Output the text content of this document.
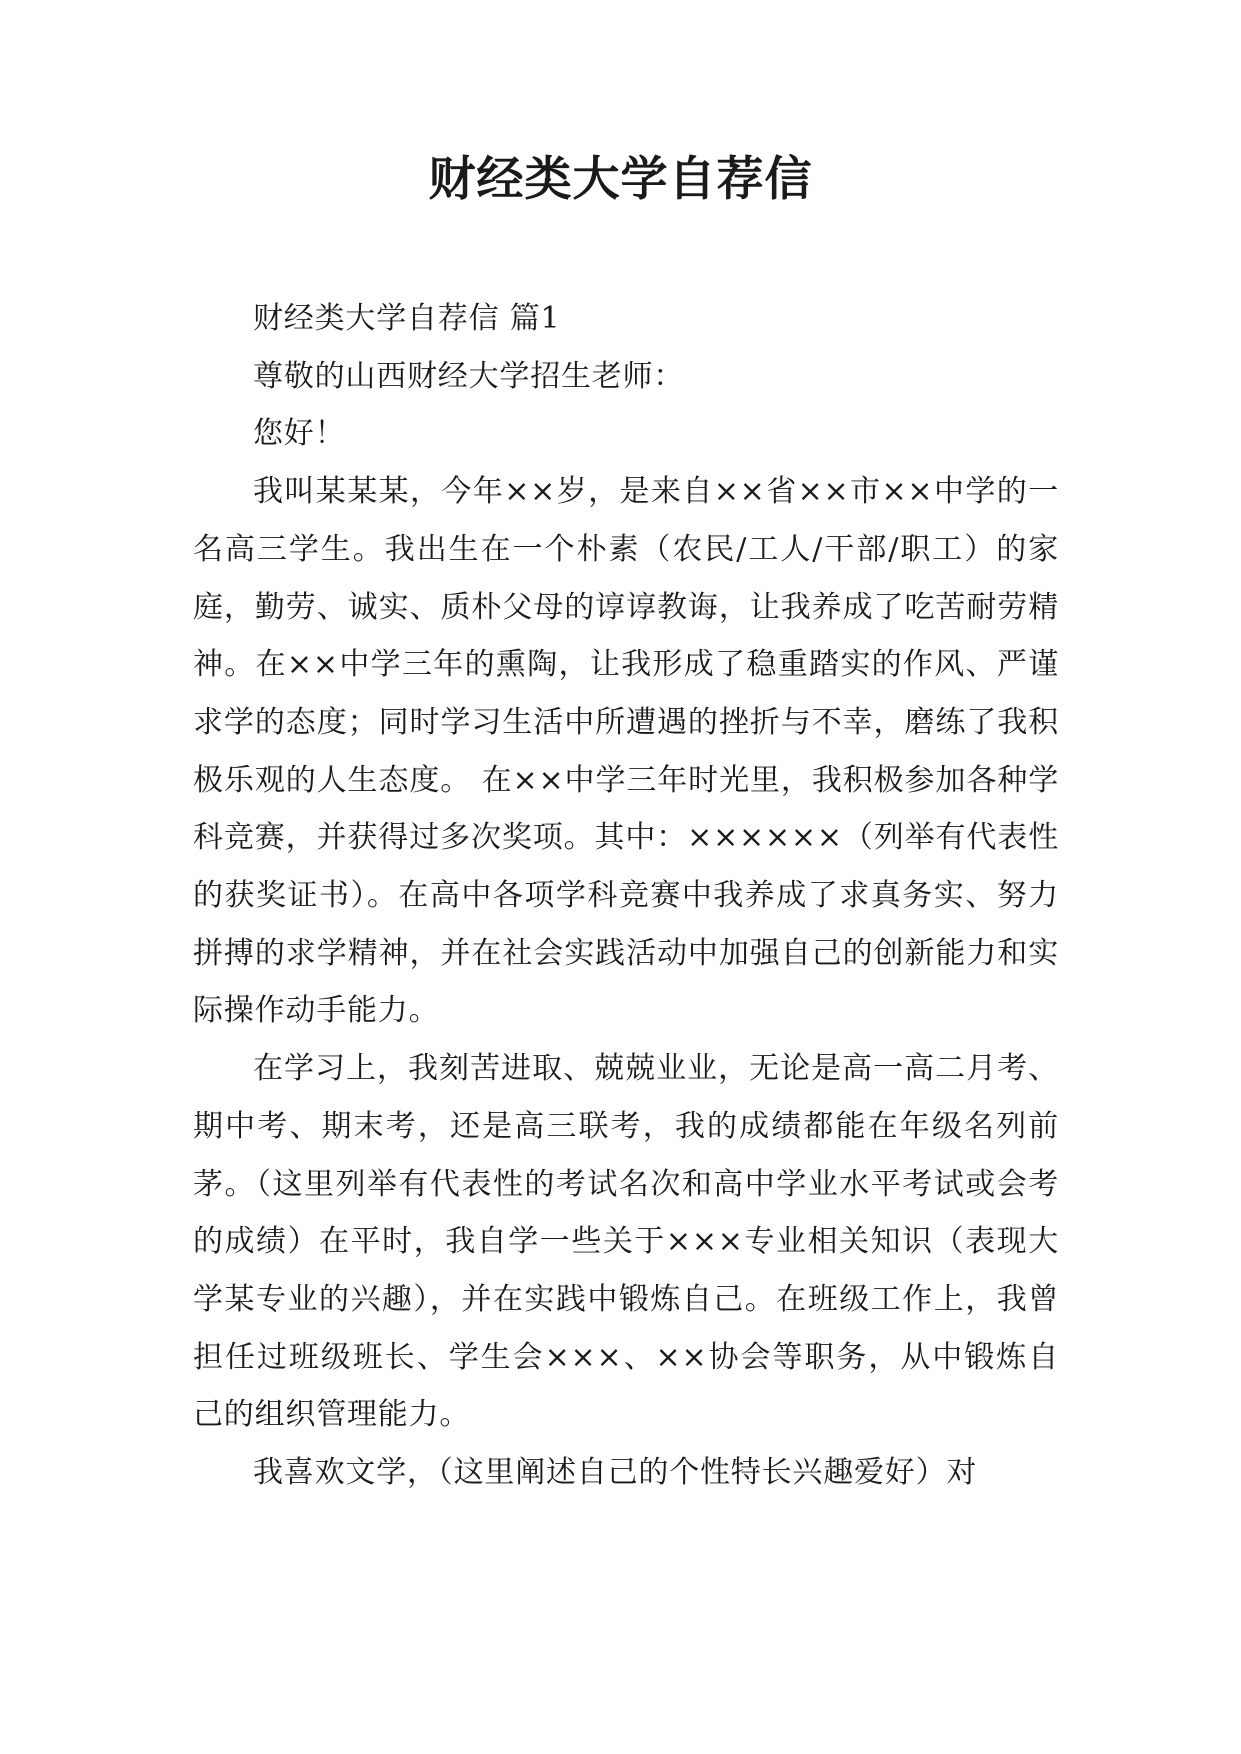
财经类大学自荐信

财经类大学自荐信 篇1

尊敬的山西财经大学招生老师：

您好！

我叫某某某，今年××岁，是来自××省××市××中学的一名高三学生。我出生在一个朴素（农民/工人/干部/职工）的家庭，勤劳、诚实、质朴父母的谆谆教诲，让我养成了吃苦耐劳精神。在××中学三年的熏陶，让我形成了稳重踏实的作风、严谨求学的态度；同时学习生活中所遭遇的挫折与不幸，磨练了我积极乐观的人生态度。 在××中学三年时光里，我积极参加各种学科竞赛，并获得过多次奖项。其中：××××××（列举有代表性的获奖证书）。在高中各项学科竞赛中我养成了求真务实、努力拼搏的求学精神，并在社会实践活动中加强自己的创新能力和实际操作动手能力。

在学习上，我刻苦进取、兢兢业业，无论是高一高二月考、期中考、期末考，还是高三联考，我的成绩都能在年级名列前茅。（这里列举有代表性的考试名次和高中学业水平考试或会考的成绩）在平时，我自学一些关于×××专业相关知识（表现大学某专业的兴趣），并在实践中锻炼自己。在班级工作上，我曾担任过班级班长、学生会×××、××协会等职务，从中锻炼自己的组织管理能力。

我喜欢文学，（这里阐述自己的个性特长兴趣爱好）对
